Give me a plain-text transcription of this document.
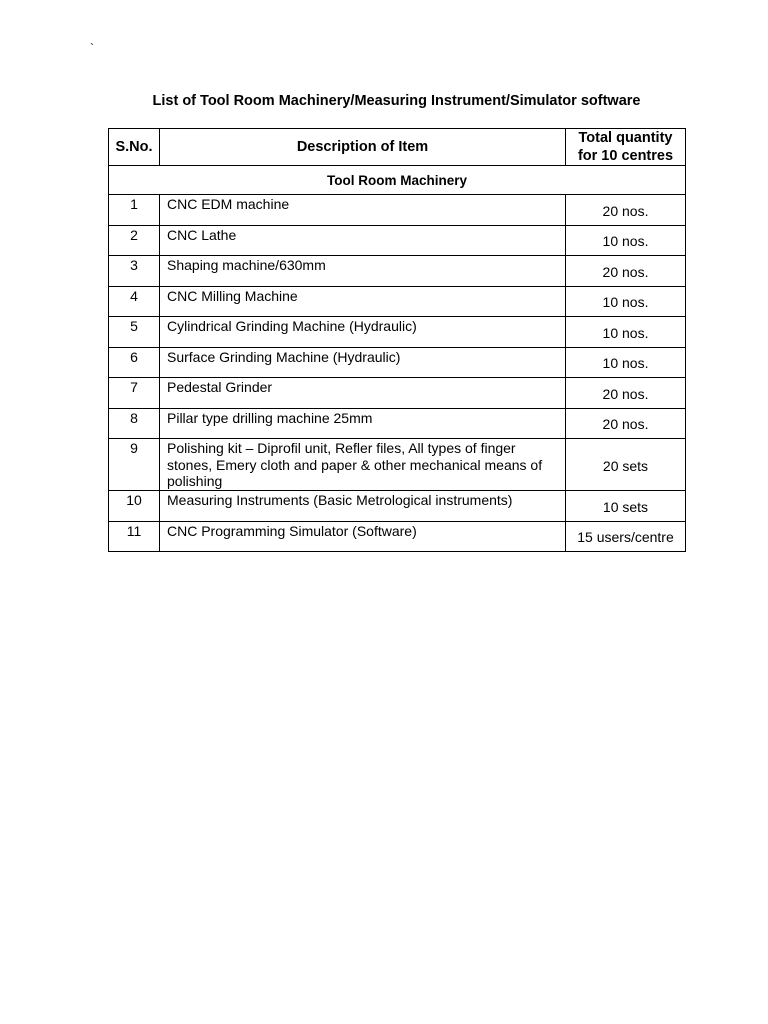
`
List of Tool Room Machinery/Measuring Instrument/Simulator software
S.No.	Description of Item	Total quantity
for 10 centres
Tool Room Machinery		
1	CNC EDM machine	20 nos.
2	CNC Lathe	10 nos.
3	Shaping machine/630mm	20 nos.
4	CNC Milling Machine	10 nos.
5	Cylindrical Grinding Machine (Hydraulic)	10 nos.
6	Surface Grinding Machine (Hydraulic)	10 nos.
7	Pedestal Grinder	20 nos.
8	Pillar type drilling machine 25mm	20 nos.
9	Polishing kit – Diprofil unit, Refler files, All types of finger stones, Emery cloth and paper & other mechanical means of polishing	20 sets
10	Measuring Instruments (Basic Metrological instruments)	10 sets
11	CNC Programming Simulator (Software)	15 users/centre
